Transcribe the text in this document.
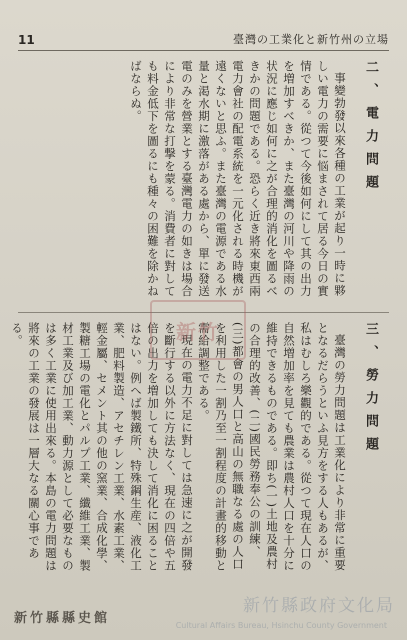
11	臺灣の工業化と新竹州の立場
二、電力問題
事變勃發以來各種の工業が起り一時に夥しい電力の需要に悩まされて居る今日の實情である。從つて今後如何にして其の出力を増加すべきか、また臺灣の河川や降雨の状況に應じ如何に之が合理的消化を圖るべきかの問題である。恐らく近き將來東西兩電力會社の配電系統を一元化される時機が遠くないと思ふ。また臺灣の電源である水量と渇水期に激落がある處から、單に發送電のみを營業とする臺灣電力の如きは場合により非常な打撃を蒙る。消費者に對しても料金低下を圖るにも種々の困難を除かねばならぬ。
三、勞力問題
臺灣の勞力問題は工業化により非常に重要となるだらうといふ見方をする人もあるが、私はむしろ樂觀的である。從つて現在人口の自然増加率を見ても農業は農村人口を十分に維持できるものである。即ち(一)土地及農村の合理的改善、(二)國民勞務奉公の訓練、(三)都會の男人口と高山の無職なる處の人口を利用した一割乃至一割程度の計畫的移動と需給調整である。
現在の電力不足に對しては急速に之が開發を斷行する以外に方法なく、現在の四倍や五倍の出力を増加しても決して消化に困ることはない。例へば製鐵所、特殊鋼生産、液化工業、肥料製造、アセチレン工業、水素工業、輕金屬、セメント其の他の窯業、合成化學、製糖工場の電化とパルプ工業、纖維工業、製材工業及び加工業、動力源として必要なものは多く工業に使用出來る。本島の電力問題は將來の工業の發展は一層大なる關心事である。	新竹
新竹縣政府文化局
Cultural Affairs Bureau, Hsinchu County Government
新竹縣縣史館
